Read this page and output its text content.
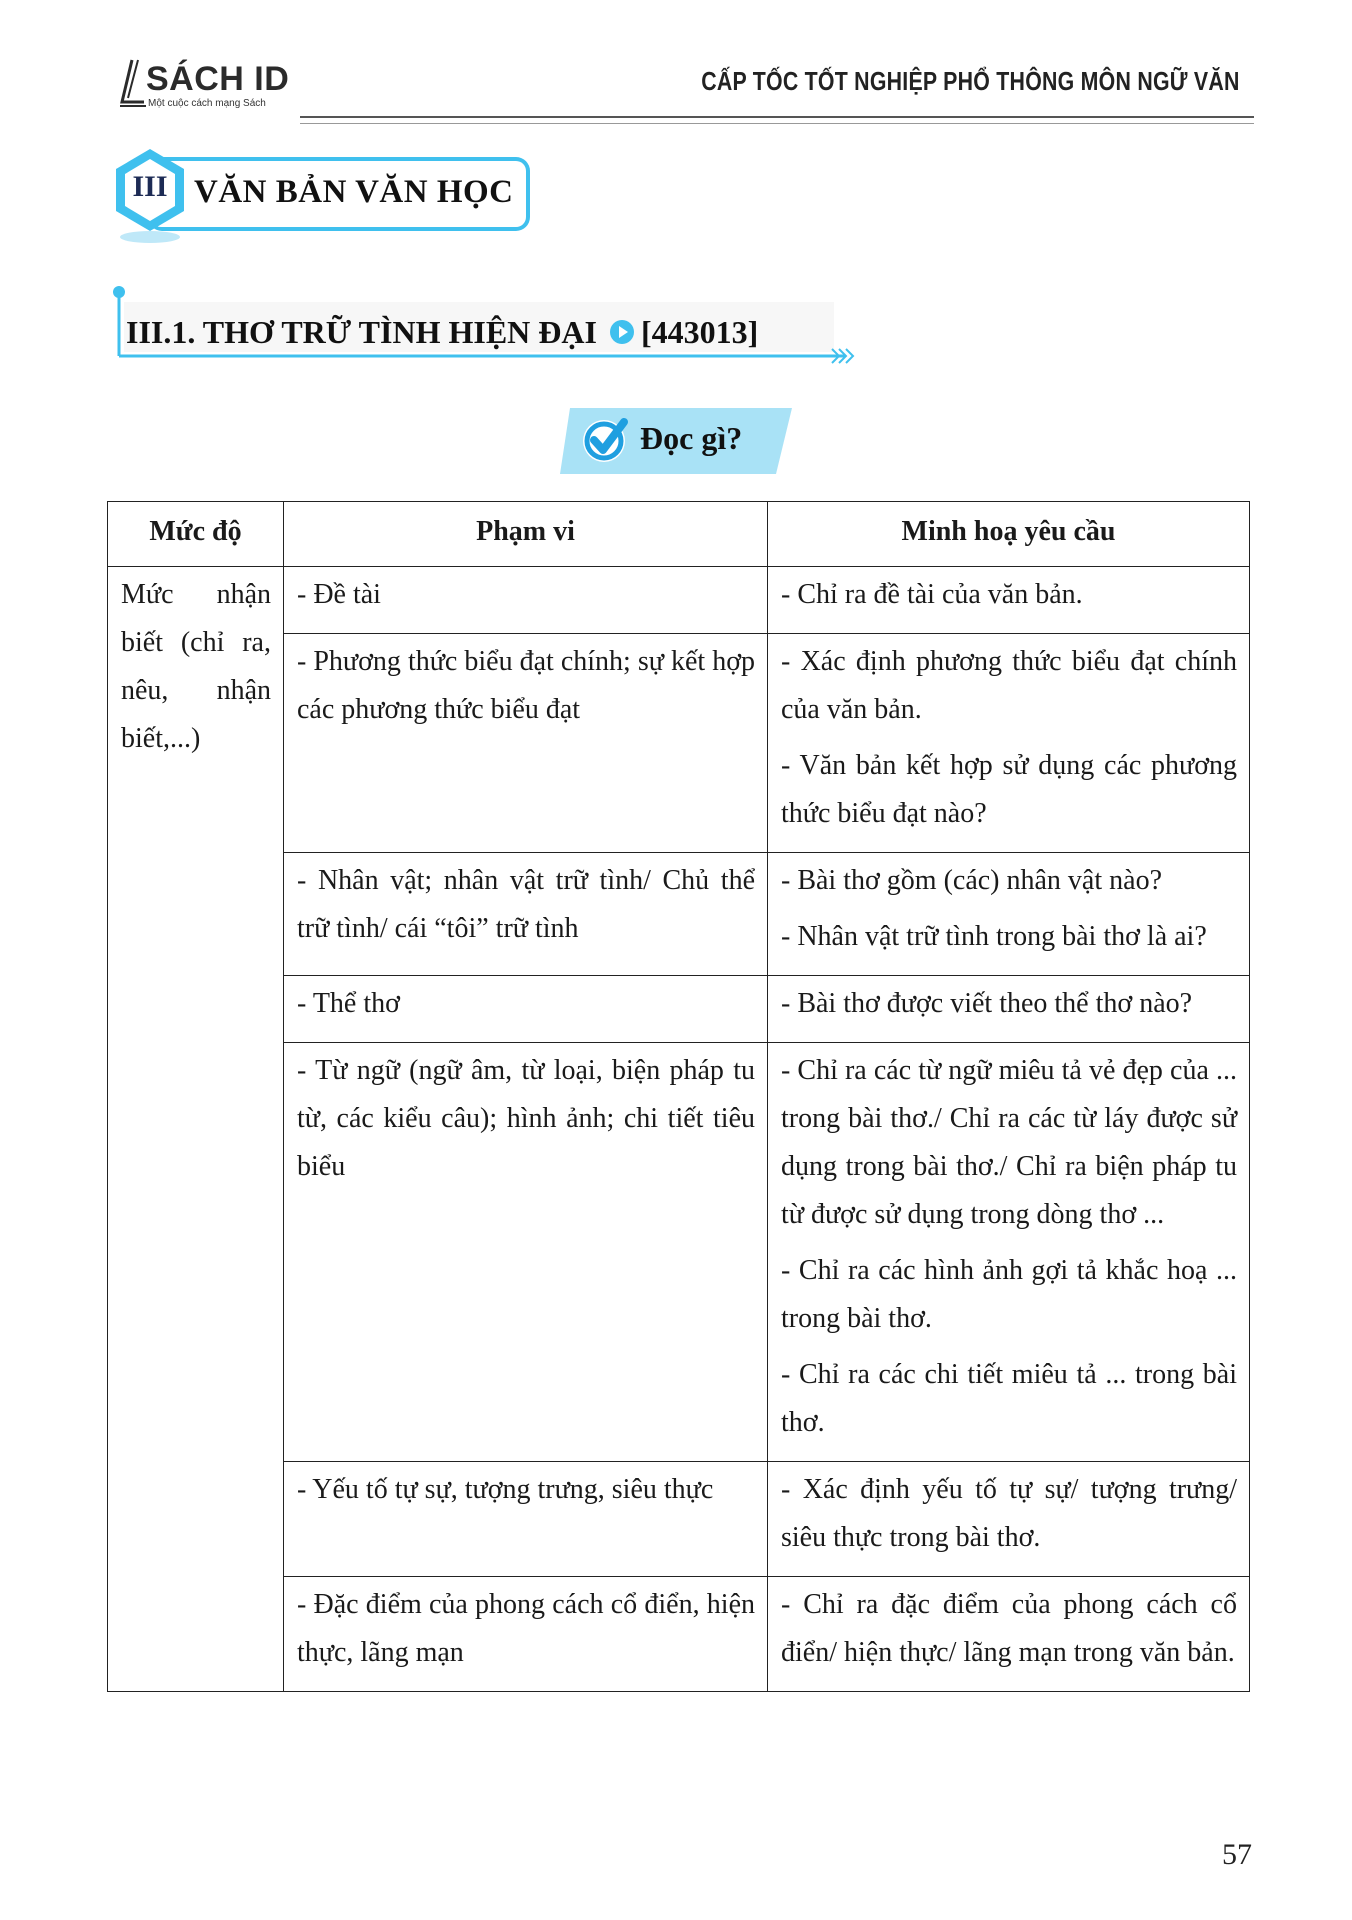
SÁCH ID
Một cuộc cách mạng Sách
CẤP TỐC TỐT NGHIỆP PHỔ THÔNG MÔN NGỮ VĂN
III VĂN BẢN VĂN HỌC
III.1. THƠ TRỮ TÌNH HIỆN ĐẠI [443013]
Đọc gì?
Mức độ	Phạm vi	Minh hoạ yêu cầu
Mức nhận biết (chỉ ra, nêu, nhận biết,...)	- Đề tài	- Chỉ ra đề tài của văn bản.

	- Phương thức biểu đạt chính; sự kết hợp các phương thức biểu đạt	- Xác định phương thức biểu đạt chính của văn bản.

- Văn bản kết hợp sử dụng các phương thức biểu đạt nào?

	- Nhân vật; nhân vật trữ tình/ Chủ thể trữ tình/ cái “tôi” trữ tình	- Bài thơ gồm (các) nhân vật nào?

- Nhân vật trữ tình trong bài thơ là ai?

	- Thể thơ	- Bài thơ được viết theo thể thơ nào?

	- Từ ngữ (ngữ âm, từ loại, biện pháp tu từ, các kiểu câu); hình ảnh; chi tiết tiêu biểu	- Chỉ ra các từ ngữ miêu tả vẻ đẹp của ... trong bài thơ./ Chỉ ra các từ láy được sử dụng trong bài thơ./ Chỉ ra biện pháp tu từ được sử dụng trong dòng thơ ...

- Chỉ ra các hình ảnh gợi tả khắc hoạ ... trong bài thơ.

- Chỉ ra các chi tiết miêu tả ... trong bài thơ.

	- Yếu tố tự sự, tượng trưng, siêu thực	- Xác định yếu tố tự sự/ tượng trưng/ siêu thực trong bài thơ.

	- Đặc điểm của phong cách cổ điển, hiện thực, lãng mạn	- Chỉ ra đặc điểm của phong cách cổ điển/ hiện thực/ lãng mạn trong văn bản.

57
